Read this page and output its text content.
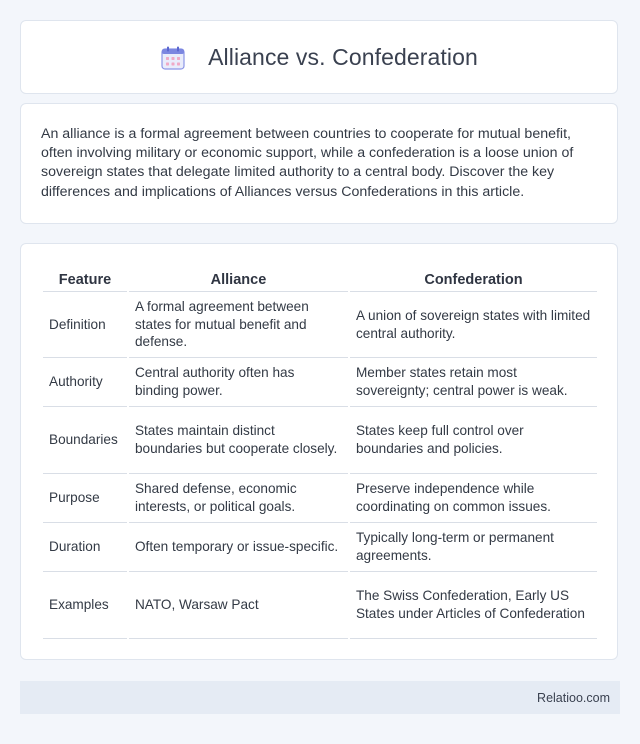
Alliance vs. Confederation

An alliance is a formal agreement between countries to cooperate for mutual benefit, often involving military or economic support, while a confederation is a loose union of sovereign states that delegate limited authority to a central body. Discover the key differences and implications of Alliances versus Confederations in this article.

Feature	Alliance	Confederation
Definition	A formal agreement between states for mutual benefit and defense.	A union of sovereign states with limited central authority.
Authority	Central authority often has binding power.	Member states retain most sovereignty; central power is weak.
Boundaries	States maintain distinct boundaries but cooperate closely.	States keep full control over boundaries and policies.
Purpose	Shared defense, economic interests, or political goals.	Preserve independence while coordinating on common issues.
Duration	Often temporary or issue-specific.	Typically long-term or permanent agreements.
Examples	NATO, Warsaw Pact	The Swiss Confederation, Early US States under Articles of Confederation
Relatioo.com
